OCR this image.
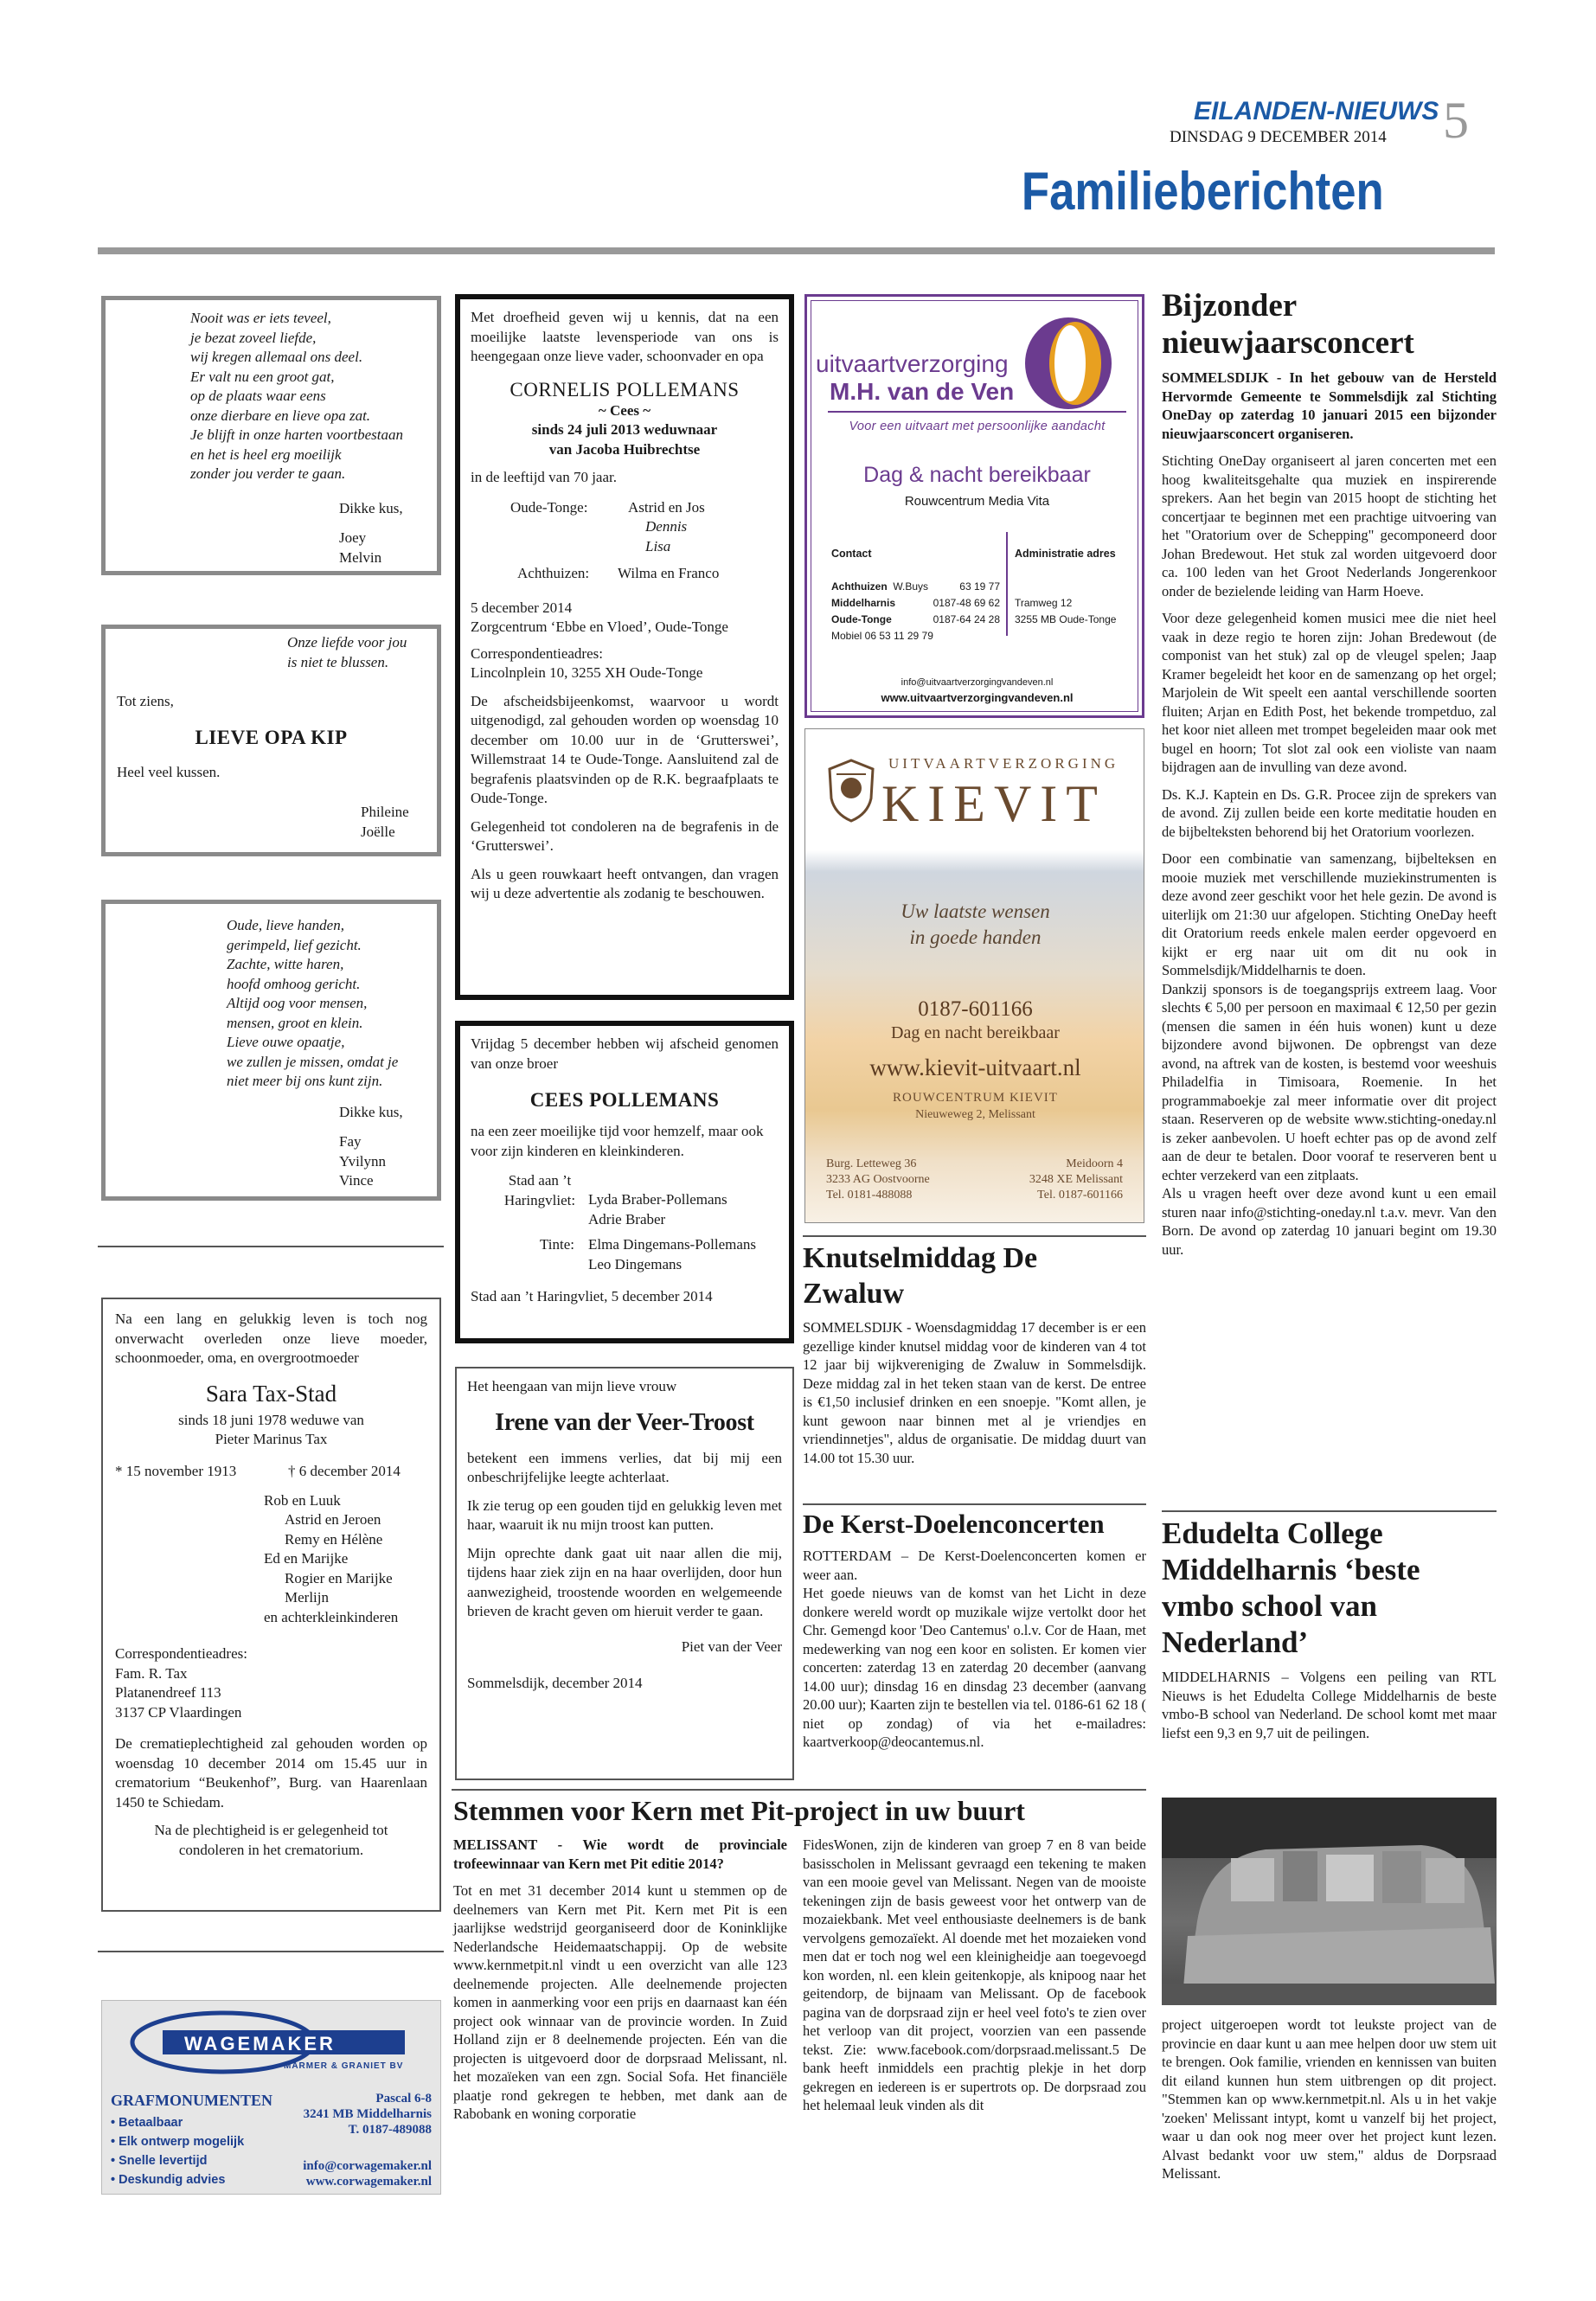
EILANDEN-NIEUWS
DINSDAG 9 DECEMBER 2014 5
Familieberichten
Nooit was er iets teveel,
je bezat zoveel liefde,
wij kregen allemaal ons deel.
Er valt nu een groot gat,
op de plaats waar eens
onze dierbare en lieve opa zat.
Je blijft in onze harten voortbestaan
en het is heel erg moeilijk
zonder jou verder te gaan.
Dikke kus,
Joey
Melvin
Onze liefde voor jou
is niet te blussen.
Tot ziens,
LIEVE OPA KIP
Heel veel kussen.
Phileine
Joëlle
Oude, lieve handen,
gerimpeld, lief gezicht.
Zachte, witte haren,
hoofd omhoog gericht.
Altijd oog voor mensen,
mensen, groot en klein.
Lieve ouwe opaatje,
we zullen je missen, omdat je
niet meer bij ons kunt zijn.
Dikke kus,
Fay
Yvilynn
Vince

Na een lang en gelukkig leven is toch nog onverwacht overleden onze lieve moeder, schoonmoeder, oma, en overgrootmoeder

Sara Tax-Stad
sinds 18 juni 1978 weduwe van
Pieter Marinus Tax
* 15 november 1913	† 6 december 2014
Rob en Luuk
Astrid en Jeroen
Remy en Hélène
Ed en Marijke
Rogier en Marijke
Merlijn
en achterkleinkinderen
Correspondentieadres:
Fam. R. Tax
Platanendreef 113
3137 CP Vlaardingen

De crematieplechtigheid zal gehouden worden op woensdag 10 december 2014 om 15.45 uur in crematorium “Beukenhof”, Burg. van Haarenlaan 1450 te Schiedam.

Na de plechtigheid is er gelegenheid tot condoleren in het crematorium.

WAGEMAKER
MARMER & GRANIET BV
GRAFMONUMENTEN
• Betaalbaar
• Elk ontwerp mogelijk
• Snelle levertijd
• Deskundig advies
Pascal 6-8
3241 MB Middelharnis
T. 0187-489088
info@corwagemaker.nl
www.corwagemaker.nl

Met droefheid geven wij u kennis, dat na een moeilijke laatste levensperiode van ons is heengegaan onze lieve vader, schoonvader en opa

CORNELIS POLLEMANS
~ Cees ~
sinds 24 juli 2013 weduwnaar
van Jacoba Huibrechtse
in de leeftijd van 70 jaar.
Oude-Tonge:	Astrid en Jos
Dennis
Lisa
Achthuizen: Wilma en Franco
5 december 2014
Zorgcentrum ‘Ebbe en Vloed’, Oude-Tonge
Correspondentieadres:
Lincolnplein 10, 3255 XH Oude-Tonge

De afscheidsbijeenkomst, waarvoor u wordt uitgenodigd, zal gehouden worden op woensdag 10 december om 10.00 uur in de ‘Grutterswei’, Willemstraat 14 te Oude-Tonge. Aansluitend zal de begrafenis plaatsvinden op de R.K. begraafplaats te Oude-Tonge.

Gelegenheid tot condoleren na de begrafenis in de ‘Grutterswei’.

Als u geen rouwkaart heeft ontvangen, dan vragen wij u deze advertentie als zodanig te beschouwen.

Vrijdag 5 december hebben wij afscheid genomen van onze broer

CEES POLLEMANS

na een zeer moeilijke tijd voor hemzelf, maar ook voor zijn kinderen en kleinkinderen.

Stad aan ’t Haringvliet: Lyda Braber-Pollemans
Adrie Braber
Tinte: Elma Dingemans-Pollemans
Leo Dingemans
Stad aan ’t Haringvliet, 5 december 2014
Het heengaan van mijn lieve vrouw
Irene van der Veer-Troost

betekent een immens verlies, dat bij mij een onbeschrijfelijke leegte achterlaat.

Ik zie terug op een gouden tijd en gelukkig leven met haar, waaruit ik nu mijn troost kan putten.

Mijn oprechte dank gaat uit naar allen die mij, tijdens haar ziek zijn en na haar overlijden, door hun aanwezigheid, troostende woorden en welgemeende brieven de kracht geven om hieruit verder te gaan.

Piet van der Veer
Sommelsdijk, december 2014
uitvaartverzorging
M.H. van de Ven
Voor een uitvaart met persoonlijke aandacht
Dag & nacht bereikbaar
Rouwcentrum Media Vita
Contact	Administratie adres
Achthuizen W.Buys	63 19 77
Middelharnis	0187-48 69 62
Oude-Tonge	0187-64 24 28
Mobiel 06 53 11 29 79
Tramweg 12
3255 MB Oude-Tonge
info@uitvaartverzorgingvandeven.nl
www.uitvaartverzorgingvandeven.nl
UITVAARTVERZORGING
KIEVIT
Uw laatste wensen
in goede handen
0187-601166
Dag en nacht bereikbaar
www.kievit-uitvaart.nl
ROUWCENTRUM KIEVIT
Nieuweweg 2, Melissant
Burg. Letteweg 36
3233 AG Oostvoorne
Tel. 0181-488088
Meidoorn 4
3248 XE Melissant
Tel. 0187-601166
Knutselmiddag De Zwaluw

SOMMELSDIJK - Woensdagmiddag 17 december is er een gezellige kinder knutsel middag voor de kinderen van 4 tot 12 jaar bij wijkvereniging de Zwaluw in Sommelsdijk. Deze middag zal in het teken staan van de kerst. De entree is €1,50 inclusief drinken en een snoepje. "Komt allen, je kunt gewoon naar binnen met al je vriendjes en vriendinnetjes", aldus de organisatie. De middag duurt van 14.00 tot 15.30 uur.

De Kerst-Doelenconcerten

ROTTERDAM – De Kerst-Doelenconcerten komen er weer aan.

Het goede nieuws van de komst van het Licht in deze donkere wereld wordt op muzikale wijze vertolkt door het Chr. Gemengd koor 'Deo Cantemus' o.l.v. Cor de Haan, met medewerking van nog een koor en solisten. Er komen vier concerten: zaterdag 13 en zaterdag 20 december (aanvang 14.00 uur); dinsdag 16 en dinsdag 23 december (aanvang 20.00 uur); Kaarten zijn te bestellen via tel. 0186-61 62 18 ( niet op zondag) of via het e-mailadres: kaartverkoop@deocantemus.nl.

Bijzonder nieuwjaarsconcert

SOMMELSDIJK - In het gebouw van de Hersteld Hervormde Gemeente te Sommelsdijk zal Stichting OneDay op zaterdag 10 januari 2015 een bijzonder nieuwjaarsconcert organiseren.

Stichting OneDay organiseert al jaren concerten met een hoog kwaliteitsgehalte qua muziek en inspirerende sprekers. Aan het begin van 2015 hoopt de stichting het concertjaar te beginnen met een prachtige uitvoering van het "Oratorium over de Schepping" gecomponeerd door Johan Bredewout. Het stuk zal worden uitgevoerd door ca. 100 leden van het Groot Nederlands Jongerenkoor onder de bezielende leiding van Harm Hoeve.

Voor deze gelegenheid komen musici mee die niet heel vaak in deze regio te horen zijn: Johan Bredewout (de componist van het stuk) zal op de vleugel spelen; Jaap Kramer begeleidt het koor en de samenzang op het orgel; Marjolein de Wit speelt een aantal verschillende soorten fluiten; Arjan en Edith Post, het bekende trompetduo, zal het koor niet alleen met trompet begeleiden maar ook met bugel en hoorn; Tot slot zal ook een violiste van naam bijdragen aan de invulling van deze avond.

Ds. K.J. Kaptein en Ds. G.R. Procee zijn de sprekers van de avond. Zij zullen beide een korte meditatie houden en de bijbelteksten behorend bij het Oratorium voorlezen.

Door een combinatie van samenzang, bijbelteksen en mooie muziek met verschillende muziekinstrumenten is deze avond zeer geschikt voor het hele gezin. De avond is uiterlijk om 21:30 uur afgelopen. Stichting OneDay heeft dit Oratorium reeds enkele malen eerder opgevoerd en kijkt er erg naar uit om dit nu ook in Sommelsdijk/Middelharnis te doen.

Dankzij sponsors is de toegangsprijs extreem laag. Voor slechts € 5,00 per persoon en maximaal € 12,50 per gezin (mensen die samen in één huis wonen) kunt u deze bijzondere avond bijwonen. De opbrengst van deze avond, na aftrek van de kosten, is bestemd voor weeshuis Philadelfia in Timisoara, Roemenie. In het programmaboekje zal meer informatie over dit project staan. Reserveren op de website www.stichting-oneday.nl is zeker aanbevolen. U hoeft echter pas op de avond zelf aan de deur te betalen. Door vooraf te reserveren bent u echter verzekerd van een zitplaats.

Als u vragen heeft over deze avond kunt u een email sturen naar info@stichting-oneday.nl t.a.v. mevr. Van den Born. De avond op zaterdag 10 januari begint om 19.30 uur.

Edudelta College Middelharnis ‘beste vmbo school van Nederland’

MIDDELHARNIS – Volgens een peiling van RTL Nieuws is het Edudelta College Middelharnis de beste vmbo-B school van Nederland. De school komt met maar liefst een 9,3 en 9,7 uit de peilingen.

Stemmen voor Kern met Pit-project in uw buurt

MELISSANT - Wie wordt de provinciale trofeewinnaar van Kern met Pit editie 2014?

Tot en met 31 december 2014 kunt u stemmen op de deelnemers van Kern met Pit. Kern met Pit is een jaarlijkse wedstrijd georganiseerd door de Koninklijke Nederlandsche Heidemaatschappij. Op de website www.kernmetpit.nl vindt u een overzicht van alle 123 deelnemende projecten. Alle deelnemende projecten komen in aanmerking voor een prijs en daarnaast kan één project ook winnaar van de provincie worden. In Zuid Holland zijn er 8 deelnemende projecten. Eén van die projecten is uitgevoerd door de dorpsraad Melissant, nl. het mozaïeken van een zgn. Social Sofa. Het financiële plaatje rond gekregen te hebben, met dank aan de Rabobank en woning corporatie

FidesWonen, zijn de kinderen van groep 7 en 8 van beide basisscholen in Melissant gevraagd een tekening te maken van een mooie gevel van Melissant. Negen van de mooiste tekeningen zijn de basis geweest voor het ontwerp van de mozaiekbank. Met veel enthousiaste deelnemers is de bank vervolgens gemozaïekt. Al doende met het mozaieken vond men dat er toch nog wel een kleinigheidje aan toegevoegd kon worden, nl. een klein geitenkopje, als knipoog naar het geitendorp, de bijnaam van Melissant. Op de facebook pagina van de dorpsraad zijn er heel veel foto's te zien over het verloop van dit project, voorzien van een passende tekst. Zie: www.facebook.com/dorpsraad.melissant.5 De bank heeft inmiddels een prachtig plekje in het dorp gekregen en iedereen is er supertrots op. De dorpsraad zou het helemaal leuk vinden als dit

project uitgeroepen wordt tot leukste project van de provincie en daar kunt u aan mee helpen door uw stem uit te brengen. Ook familie, vrienden en kennissen van buiten dit eiland kunnen hun stem uitbrengen op dit project. "Stemmen kan op www.kernmetpit.nl. Als u in het vakje 'zoeken' Melissant intypt, komt u vanzelf bij het project, waar u dan ook nog meer over het project kunt lezen. Alvast bedankt voor uw stem," aldus de Dorpsraad Melissant.
